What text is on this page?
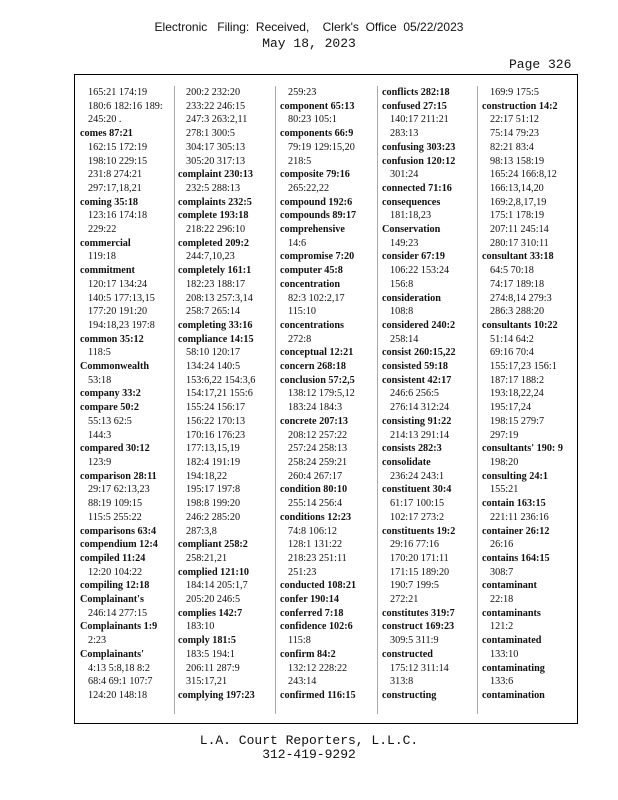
Electronic   Filing:  Received,    Clerk's  Office  05/22/2023
May 18, 2023
Page 326
165:21 174:19
180:6 182:16 189:
245:20 .
comes 87:21
162:15 172:19
198:10 229:15
231:8 274:21
297:17,18,21
coming 35:18
123:16 174:18
229:22
commercial
119:18
commitment
120:17 134:24
140:5 177:13,15
177:20 191:20
194:18,23 197:8
common 35:12
118:5
Commonwealth
53:18
company 33:2
compare 50:2
55:13 62:5
144:3
compared 30:12
123:9
comparison 28:11
29:17 62:13,23
88:19 109:15
115:5 255:22
comparisons 63:4
compendium 12:4
compiled 11:24
12:20 104:22
compiling 12:18
Complainant's
246:14 277:15
Complainants 1:9
2:23
Complainants'
4:13 5:8,18 8:2
68:4 69:1 107:7
124:20 148:18
200:2 232:20
233:22 246:15
247:3 263:2,11
278:1 300:5
304:17 305:13
305:20 317:13
complaint 230:13
232:5 288:13
complaints 232:5
complete 193:18
218:22 296:10
completed 209:2
244:7,10,23
completely 161:1
182:23 188:17
208:13 257:3,14
258:7 265:14
completing 33:16
compliance 14:15
58:10 120:17
134:24 140:5
153:6,22 154:3,6
154:17,21 155:6
155:24 156:17
156:22 170:13
170:16 176:23
177:13,15,19
182:4 191:19
194:18,22
195:17 197:8
198:8 199:20
246:2 285:20
287:3,8
compliant 258:2
258:21,21
complied 121:10
184:14 205:1,7
205:20 246:5
complies 142:7
183:10
comply 181:5
183:5 194:1
206:11 287:9
315:17,21
complying 197:23
259:23
component 65:13
80:23 105:1
components 66:9
79:19 129:15,20
218:5
composite 79:16
265:22,22
compound 192:6
compounds 89:17
comprehensive
14:6
compromise 7:20
computer 45:8
concentration
82:3 102:2,17
115:10
concentrations
272:8
conceptual 12:21
concern 268:18
conclusion 57:2,5
138:12 179:5,12
183:24 184:3
concrete 207:13
208:12 257:22
257:24 258:13
258:24 259:21
260:4 267:17
condition 80:10
255:14 256:4
conditions 12:23
74:8 106:12
128:1 131:22
218:23 251:11
251:23
conducted 108:21
confer 190:14
conferred 7:18
confidence 102:6
115:8
confirm 84:2
132:12 228:22
243:14
confirmed 116:15
conflicts 282:18
confused 27:15
140:17 211:21
283:13
confusing 303:23
confusion 120:12
301:24
connected 71:16
consequences
181:18,23
Conservation
149:23
consider 67:19
106:22 153:24
156:8
consideration
108:8
considered 240:2
258:14
consist 260:15,22
consisted 59:18
consistent 42:17
246:6 256:5
276:14 312:24
consisting 91:22
214:13 291:14
consists 282:3
consolidate
236:24 243:1
constituent 30:4
61:17 100:15
102:17 273:2
constituents 19:2
29:16 77:16
170:20 171:11
171:15 189:20
190:7 199:5
272:21
constitutes 319:7
construct 169:23
309:5 311:9
constructed
175:12 311:14
313:8
constructing
169:9 175:5
construction 14:2
22:17 51:12
75:14 79:23
82:21 83:4
98:13 158:19
165:24 166:8,12
166:13,14,20
169:2,8,17,19
175:1 178:19
207:11 245:14
280:17 310:11
consultant 33:18
64:5 70:18
74:17 189:18
274:8,14 279:3
286:3 288:20
consultants 10:22
51:14 64:2
69:16 70:4
155:17,23 156:1
187:17 188:2
193:18,22,24
195:17,24
198:15 279:7
297:19
consultants' 190: 9
198:20
consulting 24:1
155:21
contain 163:15
221:11 236:16
container 26:12
26:16
contains 164:15
308:7
contaminant
22:18
contaminants
121:2
contaminated
133:10
contaminating
133:6
contamination
L.A. Court Reporters, L.L.C.
312-419-9292
